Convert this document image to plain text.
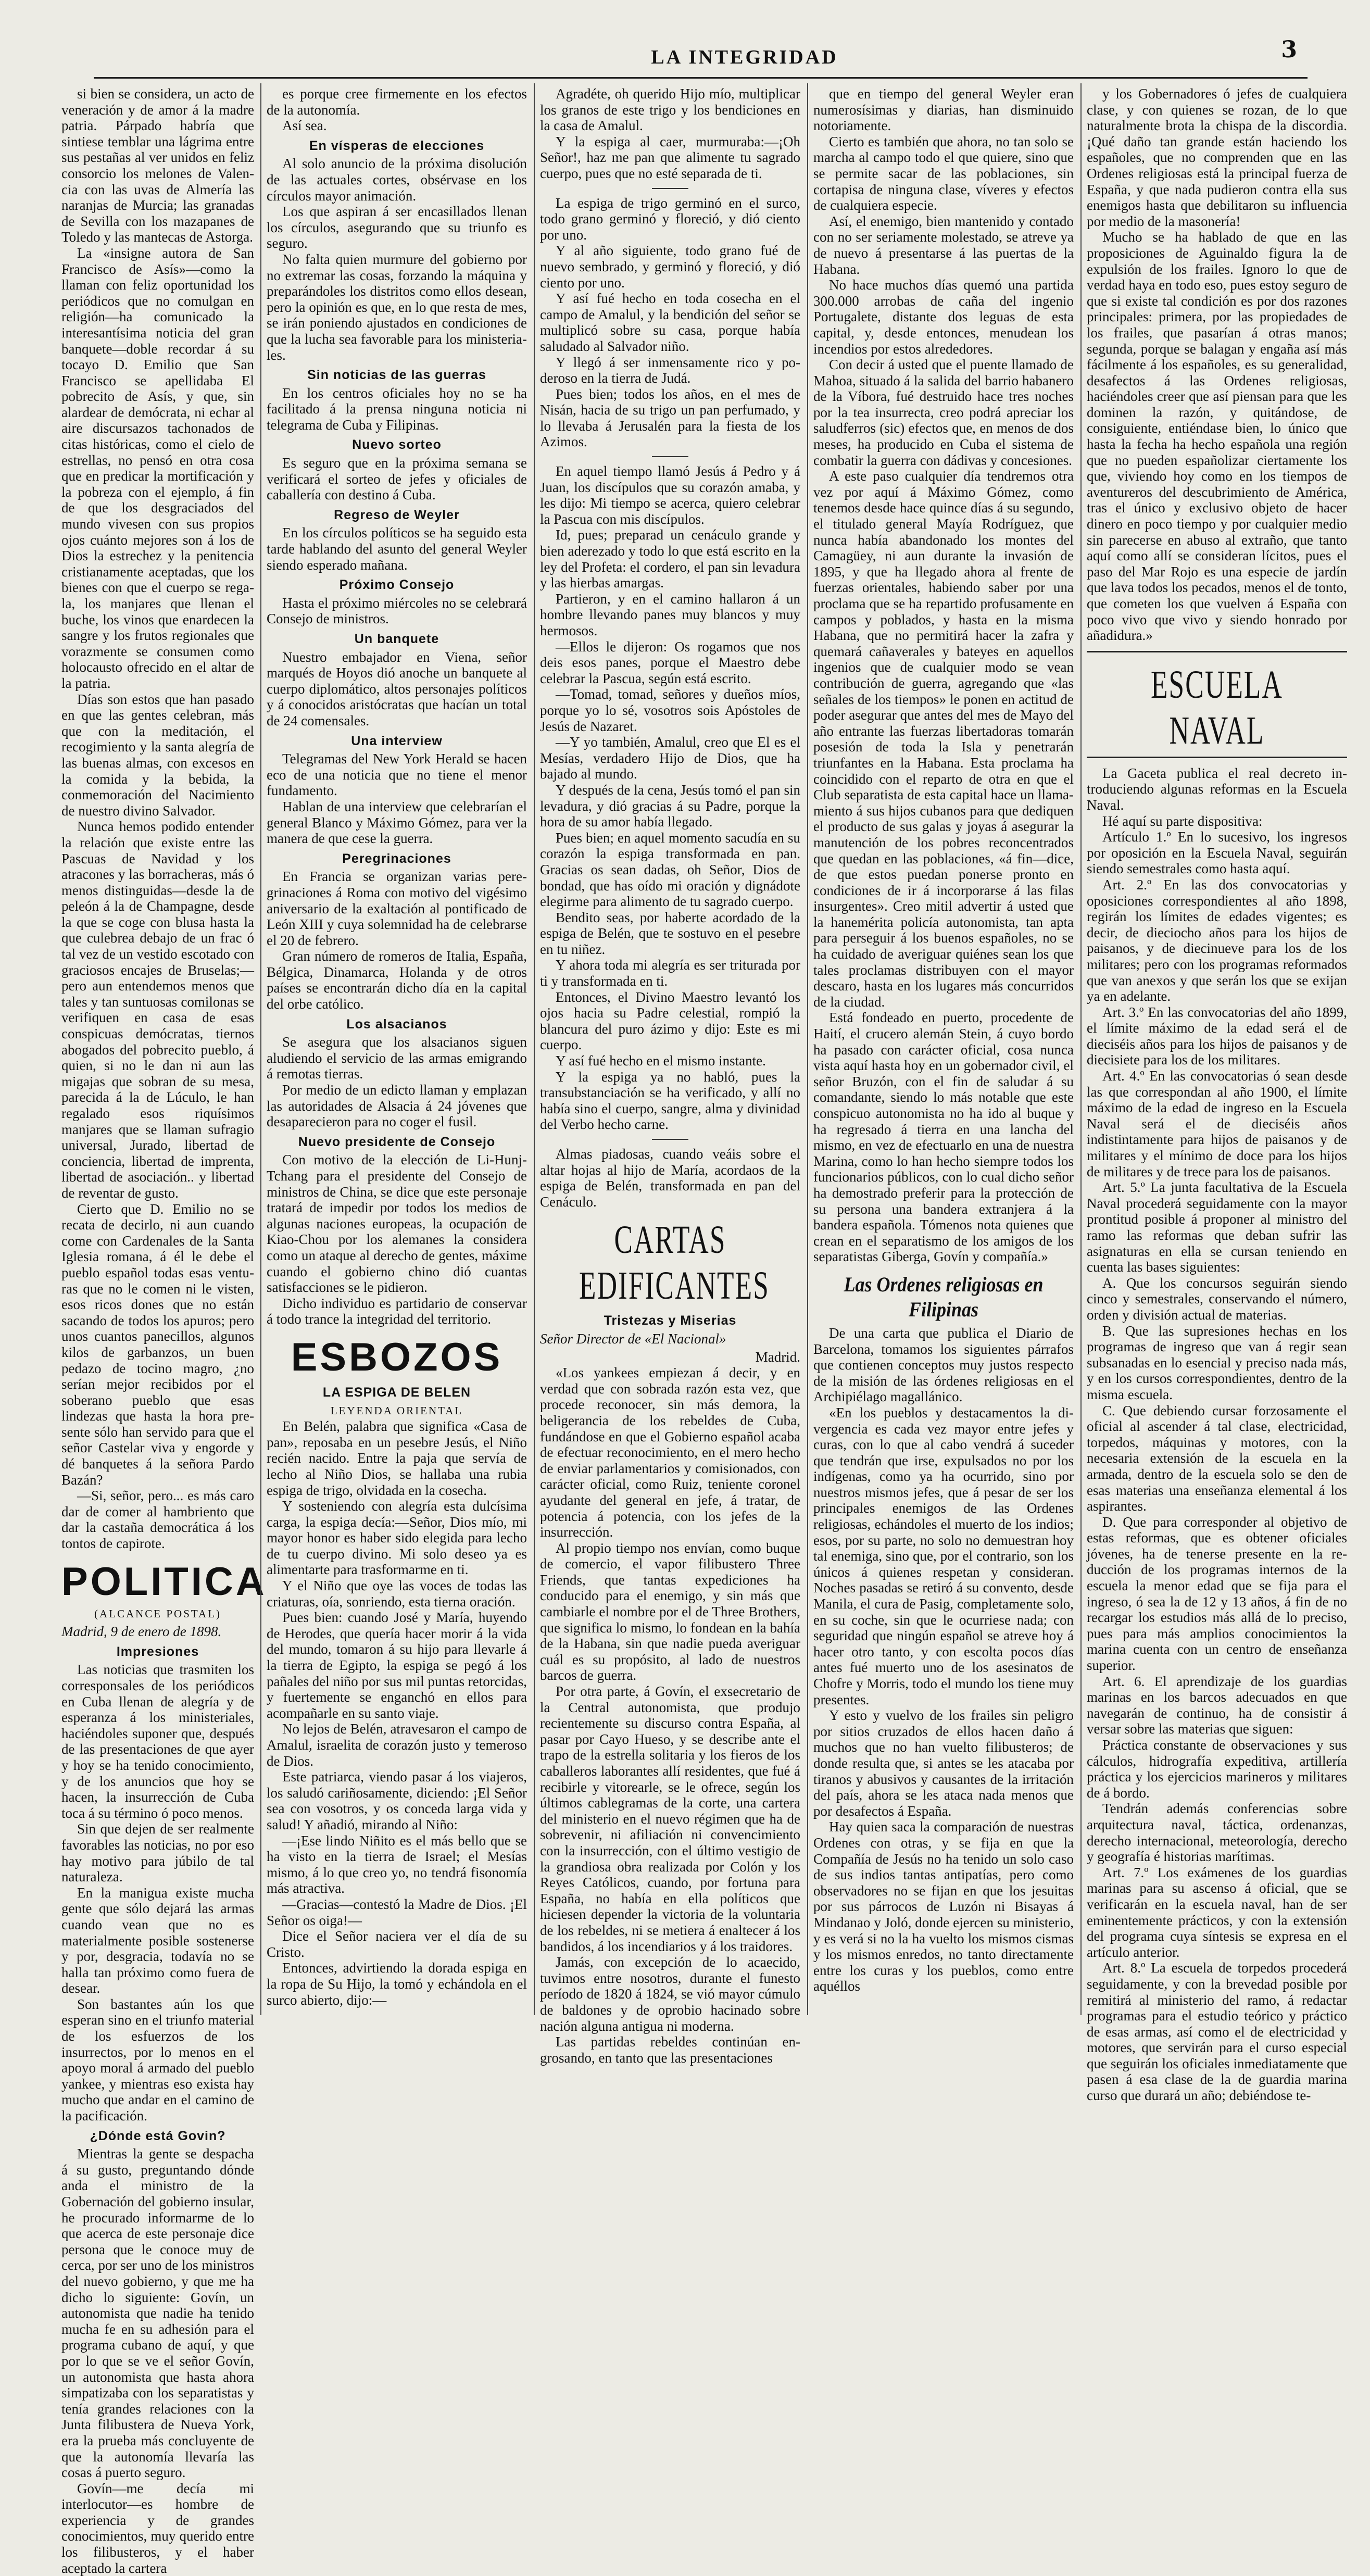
LA INTEGRIDAD	3

si bien se considera, un acto de veneración y de amor á la madre patria. Párpado habría que sintiese temblar una lágrima entre sus pestañas al ver unidos en feliz consorcio los melones de Valencia con las uvas de Almería las naranjas de Murcia; las granadas de Sevilla con los mazapanes de Toledo y las mantecas de Astorga.

La «insigne autora de San Francisco de Asís»—como la llaman con feliz oportunidad los periódicos que no comulgan en religión—ha comunicado la interesantísima noticia del gran banquete—doble recordar á su tocayo D. Emilio que San Francisco se apellidaba El pobrecito de Asís, y que, sin alardear de demócrata, ni echar al aire discursazos tachonados de citas históricas, como el cielo de estrellas, no pensó en otra cosa que en predicar la mortificación y la pobreza con el ejemplo, á fin de que los desgraciados del mundo vivesen con sus propios ojos cuánto mejores son á los de Dios la estrechez y la penitencia cristianamente aceptadas, que los bienes con que el cuerpo se regala, los manjares que llenan el buche, los vinos que enardecen la sangre y los frutos regionales que vorazmente se consumen como holocausto ofrecido en el altar de la patria.

Días son estos que han pasado en que las gentes celebran, más que con la meditación, el recogimiento y la santa alegría de las buenas almas, con excesos en la comida y la bebida, la conmemoración del Nacimiento de nuestro divino Salvador.

Nunca hemos podido entender la relación que existe entre las Pascuas de Navidad y los atracones y las borracheras, más ó menos distinguidas—desde la de peleón á la de Champagne, desde la que se coge con blusa hasta la que culebrea debajo de un frac ó tal vez de un vestido escotado con graciosos encajes de Bruselas;—pero aun entendemos menos que tales y tan suntuosas comilonas se verifiquen en casa de esas conspicuas demócratas, tiernos abogados del pobrecito pueblo, á quien, si no le dan ni aun las migajas que sobran de su mesa, parecida á la de Lúculo, le han regalado esos riquísimos manjares que se llaman sufragio universal, Jurado, libertad de conciencia, libertad de imprenta, libertad de asociación.. y libertad de reventar de gusto.

Cierto que D. Emilio no se recata de decirlo, ni aun cuando come con Cardenales de la Santa Iglesia romana, á él le debe el pueblo español todas esas venturas que no le comen ni le visten, esos ricos dones que no están sacando de todos los apuros; pero unos cuantos panecillos, algunos kilos de garbanzos, un buen pedazo de tocino magro, ¿no serían mejor recibidos por el soberano pueblo que esas lindezas que hasta la hora presente sólo han servido para que el señor Castelar viva y engorde y dé banquetes á la señora Pardo Bazán?

—Si, señor, pero... es más caro dar de comer al hambriento que dar la castaña democrática á los tontos de capirote.

POLITICA
(ALCANCE POSTAL)
Madrid, 9 de enero de 1898.
Impresiones

Las noticias que trasmiten los corresponsales de los periódicos en Cuba llenan de alegría y de esperanza á los ministeriales, haciéndoles suponer que, después de las presentaciones de que ayer y hoy se ha tenido conocimiento, y de los anuncios que hoy se hacen, la insurrección de Cuba toca á su término ó poco menos.

Sin que dejen de ser realmente favorables las noticias, no por eso hay motivo para júbilo de tal naturaleza.

En la manigua existe mucha gente que sólo dejará las armas cuando vean que no es materialmente posible sostenerse y por, desgracia, todavía no se halla tan próximo como fuera de desear.

Son bastantes aún los que esperan sino en el triunfo material de los esfuerzos de los insurrectos, por lo menos en el apoyo moral á armado del pueblo yankee, y mientras eso exista hay mucho que andar en el camino de la pacificación.

¿Dónde está Govin?

Mientras la gente se despacha á su gusto, preguntando dónde anda el ministro de la Gobernación del gobierno insular, he procurado informarme de lo que acerca de este personaje dice persona que le conoce muy de cerca, por ser uno de los ministros del nuevo gobierno, y que me ha dicho lo siguiente: Govín, un autonomista que nadie ha tenido mucha fe en su adhesión para el programa cubano de aquí, y que por lo que se ve el señor Govín, un autonomista que hasta ahora simpatizaba con los separatistas y tenía grandes relaciones con la Junta filibustera de Nueva York, era la prueba más concluyente de que la autonomía llevaría las cosas á puerto seguro.

Govín—me decía mi interlocutor—es hombre de experiencia y de grandes conocimientos, muy querido entre los filibusteros, y el haber aceptado la cartera

es porque cree firmemente en los efectos de la autonomía.

Así sea.

En vísperas de elecciones

Al solo anuncio de la próxima disolución de las actuales cortes, obsérvase en los círculos mayor animación.

Los que aspiran á ser encasillados llenan los círculos, asegurando que su triunfo es seguro.

No falta quien murmure del gobierno por no extremar las cosas, forzando la máquina y preparándoles los distritos como ellos desean, pero la opinión es que, en lo que resta de mes, se irán poniendo ajustados en condiciones de que la lucha sea favorable para los ministeriales.

Sin noticias de las guerras

En los centros oficiales hoy no se ha facilitado á la prensa ninguna noticia ni telegrama de Cuba y Filipinas.

Nuevo sorteo

Es seguro que en la próxima semana se verificará el sorteo de jefes y oficiales de caballería con destino á Cuba.

Regreso de Weyler

En los círculos políticos se ha seguido esta tarde hablando del asunto del general Weyler siendo esperado mañana.

Próximo Consejo

Hasta el próximo miércoles no se celebrará Consejo de ministros.

Un banquete

Nuestro embajador en Viena, señor marqués de Hoyos dió anoche un banquete al cuerpo diplomático, altos personajes políticos y á conocidos aristócratas que hacían un total de 24 comensales.

Una interview

Telegramas del New York Herald se hacen eco de una noticia que no tiene el menor fundamento.

Hablan de una interview que celebrarían el general Blanco y Máximo Gómez, para ver la manera de que cese la guerra.

Peregrinaciones

En Francia se organizan varias peregrinaciones á Roma con motivo del vigésimo aniversario de la exaltación al pontificado de León XIII y cuya solemnidad ha de celebrarse el 20 de febrero.

Gran número de romeros de Italia, España, Bélgica, Dinamarca, Holanda y de otros países se encontrarán dicho día en la capital del orbe católico.

Los alsacianos

Se asegura que los alsacianos siguen aludiendo el servicio de las armas emigrando á remotas tierras.

Por medio de un edicto llaman y emplazan las autoridades de Alsacia á 24 jóvenes que desaparecieron para no coger el fusil.

Nuevo presidente de Consejo

Con motivo de la elección de Li-HunjTchang para el presidente del Consejo de ministros de China, se dice que este personaje tratará de impedir por todos los medios de algunas naciones europeas, la ocupación de Kiao-Chou por los alemanes la considera como un ataque al derecho de gentes, máxime cuando el gobierno chino dió cuantas satisfacciones se le pidieron.

Dicho individuo es partidario de conservar á todo trance la integridad del territorio.

ESBOZOS
LA ESPIGA DE BELEN
LEYENDA ORIENTAL

En Belén, palabra que significa «Casa de pan», reposaba en un pesebre Jesús, el Niño recién nacido. Entre la paja que servía de lecho al Niño Dios, se hallaba una rubia espiga de trigo, olvidada en la cosecha.

Y sosteniendo con alegría esta dulcísima carga, la espiga decía:—Señor, Dios mío, mi mayor honor es haber sido elegida para lecho de tu cuerpo divino. Mi solo deseo ya es alimentarte para trasformarme en ti.

Y el Niño que oye las voces de todas las criaturas, oía, sonriendo, esta tierna oración.

Pues bien: cuando José y María, huyendo de Herodes, que quería hacer morir á la vida del mundo, tomaron á su hijo para llevarle á la tierra de Egipto, la espiga se pegó á los pañales del niño por sus mil puntas retorcidas, y fuertemente se enganchó en ellos para acompañarle en su santo viaje.

No lejos de Belén, atravesaron el campo de Amalul, israelita de corazón justo y temeroso de Dios.

Este patriarca, viendo pasar á los viajeros, los saludó cariñosamente, diciendo: ¡El Señor sea con vosotros, y os conceda larga vida y salud! Y añadió, mirando al Niño:

—¡Ese lindo Niñito es el más bello que se ha visto en la tierra de Israel; el Mesías mismo, á lo que creo yo, no tendrá fisonomía más atractiva.

—Gracias—contestó la Madre de Dios. ¡El Señor os oiga!—

Dice el Señor naciera ver el día de su Cristo.

Entonces, advirtiendo la dorada espiga en la ropa de Su Hijo, la tomó y echándola en el surco abierto, dijo:—

Agradéte, oh querido Hijo mío, multiplicar los granos de este trigo y los bendiciones en la casa de Amalul.

Y la espiga al caer, murmuraba:—¡Oh Señor!, haz me pan que alimente tu sagrado cuerpo, pues que no esté separada de ti.

La espiga de trigo germinó en el surco, todo grano germinó y floreció, y dió ciento por uno.

Y al año siguiente, todo grano fué de nuevo sembrado, y germinó y floreció, y dió ciento por uno.

Y así fué hecho en toda cosecha en el campo de Amalul, y la bendición del señor se multiplicó sobre su casa, porque había saludado al Salvador niño.

Y llegó á ser inmensamente rico y poderoso en la tierra de Judá.

Pues bien; todos los años, en el mes de Nisán, hacia de su trigo un pan perfumado, y lo llevaba á Jerusalén para la fiesta de los Azimos.

En aquel tiempo llamó Jesús á Pedro y á Juan, los discípulos que su corazón amaba, y les dijo: Mi tiempo se acerca, quiero celebrar la Pascua con mis discípulos.

Id, pues; preparad un cenáculo grande y bien aderezado y todo lo que está escrito en la ley del Profeta: el cordero, el pan sin levadura y las hierbas amargas.

Partieron, y en el camino hallaron á un hombre llevando panes muy blancos y muy hermosos.

—Ellos le dijeron: Os rogamos que nos deis esos panes, porque el Maestro debe celebrar la Pascua, según está escrito.

—Tomad, tomad, señores y dueños míos, porque yo lo sé, vosotros sois Apóstoles de Jesús de Nazaret.

—Y yo también, Amalul, creo que El es el Mesías, verdadero Hijo de Dios, que ha bajado al mundo.

Y después de la cena, Jesús tomó el pan sin levadura, y dió gracias á su Padre, porque la hora de su amor había llegado.

Pues bien; en aquel momento sacudía en su corazón la espiga transformada en pan. Gracias os sean dadas, oh Señor, Dios de bondad, que has oído mi oración y dignádote elegirme para alimento de tu sagrado cuerpo.

Bendito seas, por haberte acordado de la espiga de Belén, que te sostuvo en el pesebre en tu niñez.

Y ahora toda mi alegría es ser triturada por ti y transformada en ti.

Entonces, el Divino Maestro levantó los ojos hacia su Padre celestial, rompió la blancura del puro ázimo y dijo: Este es mi cuerpo.

Y así fué hecho en el mismo instante.

Y la espiga ya no habló, pues la transubstanciación se ha verificado, y allí no había sino el cuerpo, sangre, alma y divinidad del Verbo hecho carne.

Almas piadosas, cuando veáis sobre el altar hojas al hijo de María, acordaos de la espiga de Belén, transformada en pan del Cenáculo.

CARTAS EDIFICANTES
Tristezas y Miserias
Señor Director de «El Nacional»
Madrid.

«Los yankees empiezan á decir, y en verdad que con sobrada razón esta vez, que procede reconocer, sin más demora, la beligerancia de los rebeldes de Cuba, fundándose en que el Gobierno español acaba de efectuar reconocimiento, en el mero hecho de enviar parlamentarios y comisionados, con carácter oficial, como Ruiz, teniente coronel ayudante del general en jefe, á tratar, de potencia á potencia, con los jefes de la insurrección.

Al propio tiempo nos envían, como buque de comercio, el vapor filibustero Three Friends, que tantas expediciones ha conducido para el enemigo, y sin más que cambiarle el nombre por el de Three Brothers, que significa lo mismo, lo fondean en la bahía de la Habana, sin que nadie pueda averiguar cuál es su propósito, al lado de nuestros barcos de guerra.

Por otra parte, á Govín, el exsecretario de la Central autonomista, que produjo recientemente su discurso contra España, al pasar por Cayo Hueso, y se describe ante el trapo de la estrella solitaria y los fieros de los caballeros laborantes allí residentes, que fué á recibirle y vitorearle, se le ofrece, según los últimos cablegramas de la corte, una cartera del ministerio en el nuevo régimen que ha de sobrevenir, ni afiliación ni convencimiento con la insurrección, con el último vestigio de la grandiosa obra realizada por Colón y los Reyes Católicos, cuando, por fortuna para España, no había en ella políticos que hiciesen depender la victoria de la voluntaria de los rebeldes, ni se metiera á enaltecer á los bandidos, á los incendiarios y á los traidores.

Jamás, con excepción de lo acaecido, tuvimos entre nosotros, durante el funesto período de 1820 á 1824, se vió mayor cúmulo de baldones y de oprobio hacinado sobre nación alguna antigua ni moderna.

Las partidas rebeldes continúan engrosando, en tanto que las presentaciones

que en tiempo del general Weyler eran numerosísimas y diarias, han disminuido notoriamente.

Cierto es también que ahora, no tan solo se marcha al campo todo el que quiere, sino que se permite sacar de las poblaciones, sin cortapisa de ninguna clase, víveres y efectos de cualquiera especie.

Así, el enemigo, bien mantenido y contado con no ser seriamente molestado, se atreve ya de nuevo á presentarse á las puertas de la Habana.

No hace muchos días quemó una partida 300.000 arrobas de caña del ingenio Portugalete, distante dos leguas de esta capital, y, desde entonces, menudean los incendios por estos alrededores.

Con decir á usted que el puente llamado de Mahoa, situado á la salida del barrio habanero de la Víbora, fué destruido hace tres noches por la tea insurrecta, creo podrá apreciar los saludferros (sic) efectos que, en menos de dos meses, ha producido en Cuba el sistema de combatir la guerra con dádivas y concesiones.

A este paso cualquier día tendremos otra vez por aquí á Máximo Gómez, como tenemos desde hace quince días á su segundo, el titulado general Mayía Rodríguez, que nunca había abandonado los montes del Camagüey, ni aun durante la invasión de 1895, y que ha llegado ahora al frente de fuerzas orientales, habiendo saber por una proclama que se ha repartido profusamente en campos y poblados, y hasta en la misma Habana, que no permitirá hacer la zafra y quemará cañaverales y bateyes en aquellos ingenios que de cualquier modo se vean contribución de guerra, agregando que «las señales de los tiempos» le ponen en actitud de poder asegurar que antes del mes de Mayo del año entrante las fuerzas libertadoras tomarán posesión de toda la Isla y penetrarán triunfantes en la Habana. Esta proclama ha coincidido con el reparto de otra en que el Club separatista de esta capital hace un llamamiento á sus hijos cubanos para que dediquen el producto de sus galas y joyas á asegurar la manutención de los pobres reconcentrados que quedan en las poblaciones, «á fin—dice, de que estos puedan ponerse pronto en condiciones de ir á incorporarse á las filas insurgentes». Creo mitil advertir á usted que la hanemérita policía autonomista, tan apta para perseguir á los buenos españoles, no se ha cuidado de averiguar quiénes sean los que tales proclamas distribuyen con el mayor descaro, hasta en los lugares más concurridos de la ciudad.

Está fondeado en puerto, procedente de Haití, el crucero alemán Stein, á cuyo bordo ha pasado con carácter oficial, cosa nunca vista aquí hasta hoy en un gobernador civil, el señor Bruzón, con el fin de saludar á su comandante, siendo lo más notable que este conspicuo autonomista no ha ido al buque y ha regresado á tierra en una lancha del mismo, en vez de efectuarlo en una de nuestra Marina, como lo han hecho siempre todos los funcionarios públicos, con lo cual dicho señor ha demostrado preferir para la protección de su persona una bandera extranjera á la bandera española. Tómenos nota quienes que crean en el separatismo de los amigos de los separatistas Giberga, Govín y compañía.»

Las Ordenes religiosas en Filipinas

De una carta que publica el Diario de Barcelona, tomamos los siguientes párrafos que contienen conceptos muy justos respecto de la misión de las órdenes religiosas en el Archipiélago magallánico.

«En los pueblos y destacamentos la divergencia es cada vez mayor entre jefes y curas, con lo que al cabo vendrá á suceder que tendrán que irse, expulsados no por los indígenas, como ya ha ocurrido, sino por nuestros mismos jefes, que á pesar de ser los principales enemigos de las Ordenes religiosas, echándoles el muerto de los indios; esos, por su parte, no solo no demuestran hoy tal enemiga, sino que, por el contrario, son los únicos á quienes respetan y consideran. Noches pasadas se retiró á su convento, desde Manila, el cura de Pasig, completamente solo, en su coche, sin que le ocurriese nada; con seguridad que ningún español se atreve hoy á hacer otro tanto, y con escolta pocos días antes fué muerto uno de los asesinatos de Chofre y Morris, todo el mundo los tiene muy presentes.

Y esto y vuelvo de los frailes sin peligro por sitios cruzados de ellos hacen daño á muchos que no han vuelto filibusteros; de donde resulta que, si antes se les atacaba por tiranos y abusivos y causantes de la irritación del país, ahora se les ataca nada menos que por desafectos á España.

Hay quien saca la comparación de nuestras Ordenes con otras, y se fija en que la Compañía de Jesús no ha tenido un solo caso de sus indios tantas antipatías, pero como observadores no se fijan en que los jesuitas por sus párrocos de Luzón ni Bisayas á Mindanao y Joló, donde ejercen su ministerio, y es verá si no la ha vuelto los mismos cismas y los mismos enredos, no tanto directamente entre los curas y los pueblos, como entre aquéllos

y los Gobernadores ó jefes de cualquiera clase, y con quienes se rozan, de lo que naturalmente brota la chispa de la discordia. ¡Qué daño tan grande están haciendo los españoles, que no comprenden que en las Ordenes religiosas está la principal fuerza de España, y que nada pudieron contra ella sus enemigos hasta que debilitaron su influencia por medio de la masonería!

Mucho se ha hablado de que en las proposiciones de Aguinaldo figura la de expulsión de los frailes. Ignoro lo que de verdad haya en todo eso, pues estoy seguro de que si existe tal condición es por dos razones principales: primera, por las propiedades de los frailes, que pasarían á otras manos; segunda, porque se balagan y engaña así más fácilmente á los españoles, es su generalidad, desafectos á las Ordenes religiosas, haciéndoles creer que así piensan para que les dominen la razón, y quitándose, de consiguiente, entiéndase bien, lo único que hasta la fecha ha hecho española una región que no pueden españolizar ciertamente los que, viviendo hoy como en los tiempos de aventureros del descubrimiento de América, tras el único y exclusivo objeto de hacer dinero en poco tiempo y por cualquier medio sin parecerse en abuso al extraño, que tanto aquí como allí se consideran lícitos, pues el paso del Mar Rojo es una especie de jardín que lava todos los pecados, menos el de tonto, que cometen los que vuelven á España con poco vivo que vivo y siendo honrado por añadidura.»

ESCUELA NAVAL

La Gaceta publica el real decreto introduciendo algunas reformas en la Escuela Naval.

Hé aquí su parte dispositiva:

Artículo 1.º En lo sucesivo, los ingresos por oposición en la Escuela Naval, seguirán siendo semestrales como hasta aquí.

Art. 2.º En las dos convocatorias y oposiciones correspondientes al año 1898, regirán los límites de edades vigentes; es decir, de dieciocho años para los hijos de paisanos, y de diecinueve para los de los militares; pero con los programas reformados que van anexos y que serán los que se exijan ya en adelante.

Art. 3.º En las convocatorias del año 1899, el límite máximo de la edad será el de dieciséis años para los hijos de paisanos y de diecisiete para los de los militares.

Art. 4.º En las convocatorias ó sean desde las que correspondan al año 1900, el límite máximo de la edad de ingreso en la Escuela Naval será el de dieciséis años indistintamente para hijos de paisanos y de militares y el mínimo de doce para los hijos de militares y de trece para los de paisanos.

Art. 5.º La junta facultativa de la Escuela Naval procederá seguidamente con la mayor prontitud posible á proponer al ministro del ramo las reformas que deban sufrir las asignaturas en ella se cursan teniendo en cuenta las bases siguientes:

A. Que los concursos seguirán siendo cinco y semestrales, conservando el número, orden y división actual de materias.

B. Que las supresiones hechas en los programas de ingreso que van á regir sean subsanadas en lo esencial y preciso nada más, y en los cursos correspondientes, dentro de la misma escuela.

C. Que debiendo cursar forzosamente el oficial al ascender á tal clase, electricidad, torpedos, máquinas y motores, con la necesaria extensión de la escuela en la armada, dentro de la escuela solo se den de esas materias una enseñanza elemental á los aspirantes.

D. Que para corresponder al objetivo de estas reformas, que es obtener oficiales jóvenes, ha de tenerse presente en la reducción de los programas internos de la escuela la menor edad que se fija para el ingreso, ó sea la de 12 y 13 años, á fin de no recargar los estudios más allá de lo preciso, pues para más amplios conocimientos la marina cuenta con un centro de enseñanza superior.

Art. 6. El aprendizaje de los guardias marinas en los barcos adecuados en que navegarán de continuo, ha de consistir á versar sobre las materias que siguen:

Práctica constante de observaciones y sus cálculos, hidrografía expeditiva, artillería práctica y los ejercicios marineros y militares de á bordo.

Tendrán además conferencias sobre arquitectura naval, táctica, ordenanzas, derecho internacional, meteorología, derecho y geografía é historias marítimas.

Art. 7.º Los exámenes de los guardias marinas para su ascenso á oficial, que se verificarán en la escuela naval, han de ser eminentemente prácticos, y con la extensión del programa cuya síntesis se expresa en el artículo anterior.

Art. 8.º La escuela de torpedos procederá seguidamente, y con la brevedad posible por remitirá al ministerio del ramo, á redactar programas para el estudio teórico y práctico de esas armas, así como el de electricidad y motores, que servirán para el curso especial que seguirán los oficiales inmediatamente que pasen á esa clase de la de guardia marina curso que durará un año; debiéndose te-
